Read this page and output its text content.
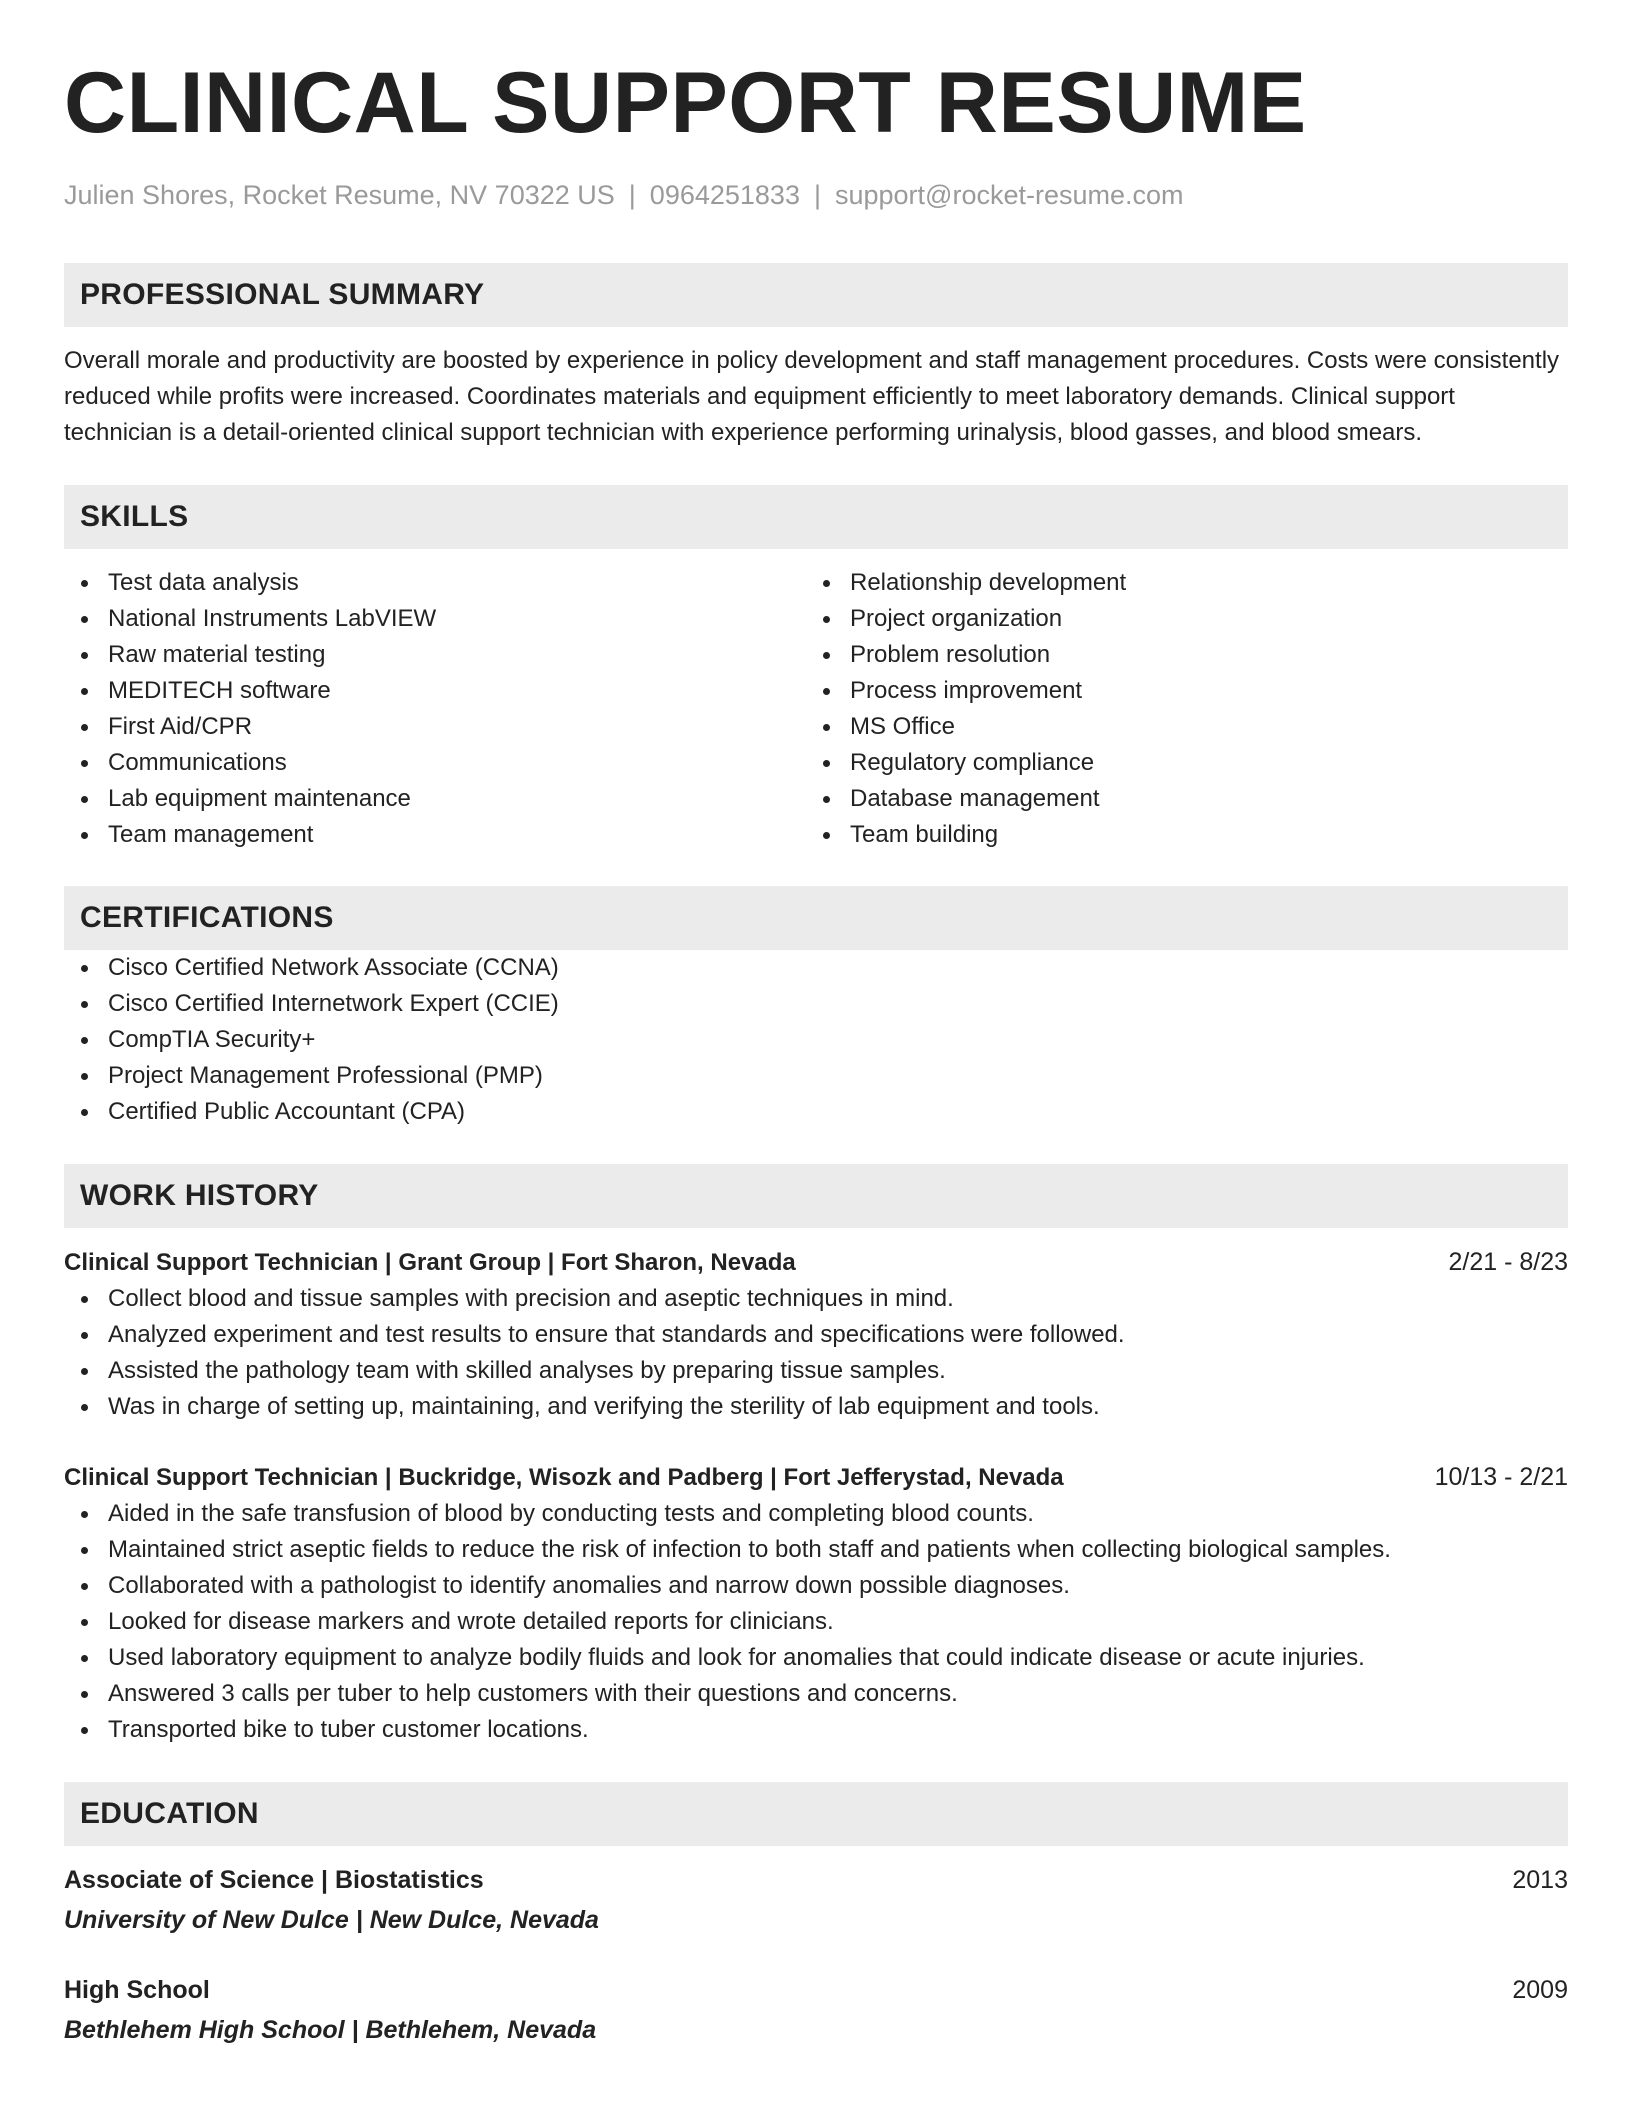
CLINICAL SUPPORT RESUME
Julien Shores, Rocket Resume, NV 70322 US | 0964251833 | support@rocket-resume.com
PROFESSIONAL SUMMARY

Overall morale and productivity are boosted by experience in policy development and staff management procedures. Costs were consistently reduced while profits were increased. Coordinates materials and equipment efficiently to meet laboratory demands. Clinical support technician is a detail-oriented clinical support technician with experience performing urinalysis, blood gasses, and blood smears.

SKILLS
Test data analysis
National Instruments LabVIEW
Raw material testing
MEDITECH software
First Aid/CPR
Communications
Lab equipment maintenance
Team management
Relationship development
Project organization
Problem resolution
Process improvement
MS Office
Regulatory compliance
Database management
Team building
CERTIFICATIONS
Cisco Certified Network Associate (CCNA)
Cisco Certified Internetwork Expert (CCIE)
CompTIA Security+
Project Management Professional (PMP)
Certified Public Accountant (CPA)
WORK HISTORY
Clinical Support Technician | Grant Group | Fort Sharon, Nevada	2/21 - 8/23
Collect blood and tissue samples with precision and aseptic techniques in mind.
Analyzed experiment and test results to ensure that standards and specifications were followed.
Assisted the pathology team with skilled analyses by preparing tissue samples.
Was in charge of setting up, maintaining, and verifying the sterility of lab equipment and tools.
Clinical Support Technician | Buckridge, Wisozk and Padberg | Fort Jefferystad, Nevada	10/13 - 2/21
Aided in the safe transfusion of blood by conducting tests and completing blood counts.
Maintained strict aseptic fields to reduce the risk of infection to both staff and patients when collecting biological samples.
Collaborated with a pathologist to identify anomalies and narrow down possible diagnoses.
Looked for disease markers and wrote detailed reports for clinicians.
Used laboratory equipment to analyze bodily fluids and look for anomalies that could indicate disease or acute injuries.
Answered 3 calls per tuber to help customers with their questions and concerns.
Transported bike to tuber customer locations.
EDUCATION
Associate of Science | Biostatistics	2013
University of New Dulce | New Dulce, Nevada
High School	2009
Bethlehem High School | Bethlehem, Nevada
